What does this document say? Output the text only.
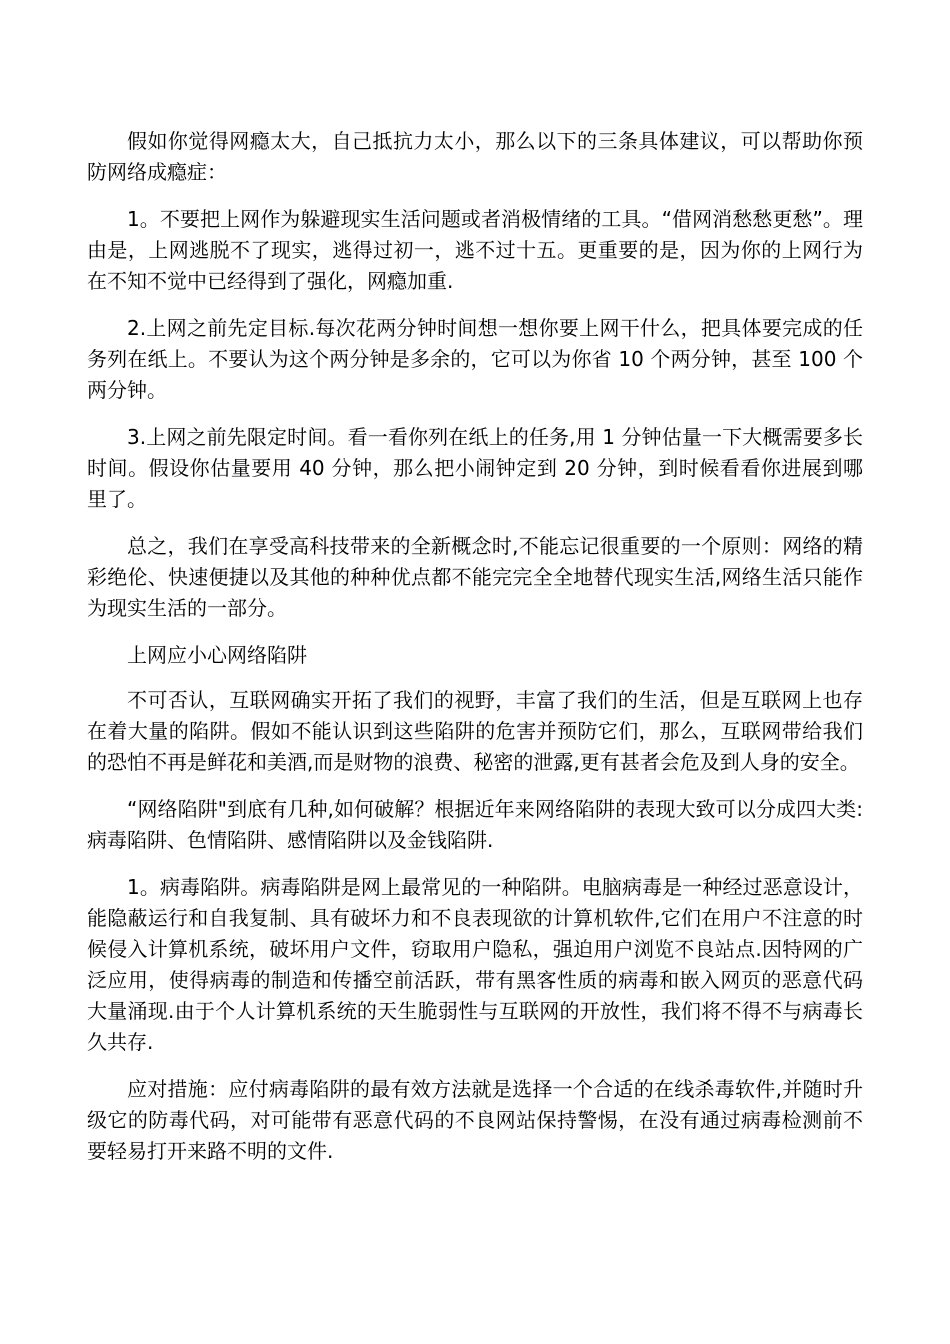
假如你觉得网瘾太大，自己抵抗力太小，那么以下的三条具体建议，可以帮助你预防网络成瘾症：

1。不要把上网作为躲避现实生活问题或者消极情绪的工具。“借网消愁愁更愁”。理由是，上网逃脱不了现实，逃得过初一，逃不过十五。更重要的是，因为你的上网行为在不知不觉中已经得到了强化，网瘾加重.

2.上网之前先定目标.每次花两分钟时间想一想你要上网干什么，把具体要完成的任务列在纸上。不要认为这个两分钟是多余的，它可以为你省 10 个两分钟，甚至 100 个两分钟。

3.上网之前先限定时间。看一看你列在纸上的任务,用 1 分钟估量一下大概需要多长时间。假设你估量要用 40 分钟，那么把小闹钟定到 20 分钟，到时候看看你进展到哪里了。

总之，我们在享受高科技带来的全新概念时,不能忘记很重要的一个原则：网络的精彩绝伦、快速便捷以及其他的种种优点都不能完完全全地替代现实生活,网络生活只能作为现实生活的一部分。

上网应小心网络陷阱

不可否认，互联网确实开拓了我们的视野，丰富了我们的生活，但是互联网上也存在着大量的陷阱。假如不能认识到这些陷阱的危害并预防它们，那么，互联网带给我们的恐怕不再是鲜花和美酒,而是财物的浪费、秘密的泄露,更有甚者会危及到人身的安全。

“网络陷阱"到底有几种,如何破解？根据近年来网络陷阱的表现大致可以分成四大类:病毒陷阱、色情陷阱、感情陷阱以及金钱陷阱.

1。病毒陷阱。病毒陷阱是网上最常见的一种陷阱。电脑病毒是一种经过恶意设计，能隐蔽运行和自我复制、具有破坏力和不良表现欲的计算机软件,它们在用户不注意的时候侵入计算机系统，破坏用户文件，窃取用户隐私，强迫用户浏览不良站点.因特网的广泛应用，使得病毒的制造和传播空前活跃，带有黑客性质的病毒和嵌入网页的恶意代码大量涌现.由于个人计算机系统的天生脆弱性与互联网的开放性，我们将不得不与病毒长久共存.

应对措施：应付病毒陷阱的最有效方法就是选择一个合适的在线杀毒软件,并随时升级它的防毒代码，对可能带有恶意代码的不良网站保持警惕，在没有通过病毒检测前不要轻易打开来路不明的文件.
